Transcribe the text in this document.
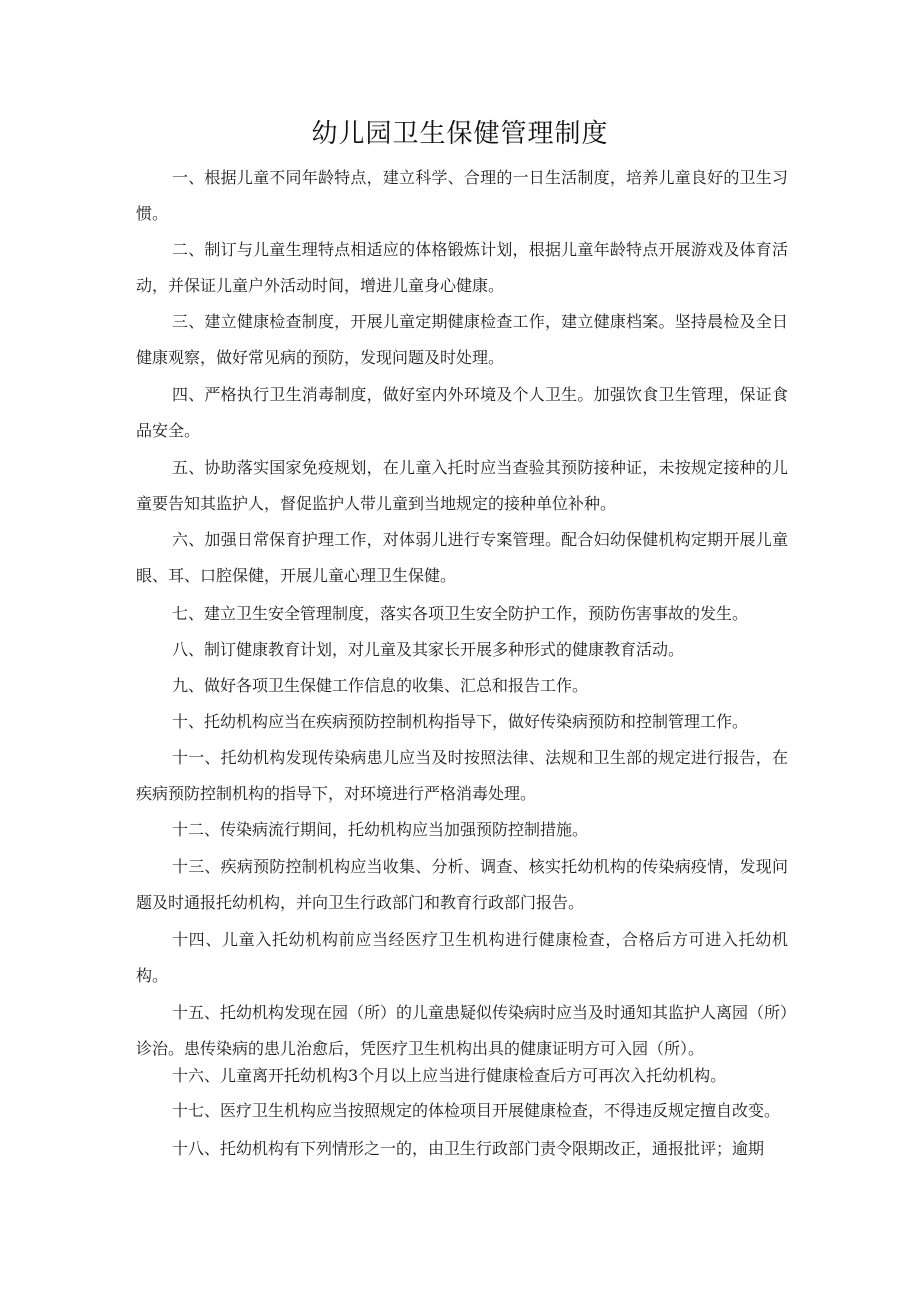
幼儿园卫生保健管理制度

一、根据儿童不同年龄特点，建立科学、合理的一日生活制度，培养儿童良好的卫生习惯。

二、制订与儿童生理特点相适应的体格锻炼计划，根据儿童年龄特点开展游戏及体育活动，并保证儿童户外活动时间，增进儿童身心健康。

三、建立健康检查制度，开展儿童定期健康检查工作，建立健康档案。坚持晨检及全日健康观察，做好常见病的预防，发现问题及时处理。

四、严格执行卫生消毒制度，做好室内外环境及个人卫生。加强饮食卫生管理，保证食品安全。

五、协助落实国家免疫规划，在儿童入托时应当查验其预防接种证，未按规定接种的儿童要告知其监护人，督促监护人带儿童到当地规定的接种单位补种。

六、加强日常保育护理工作，对体弱儿进行专案管理。配合妇幼保健机构定期开展儿童眼、耳、口腔保健，开展儿童心理卫生保健。

七、建立卫生安全管理制度，落实各项卫生安全防护工作，预防伤害事故的发生。

八、制订健康教育计划，对儿童及其家长开展多种形式的健康教育活动。

九、做好各项卫生保健工作信息的收集、汇总和报告工作。

十、托幼机构应当在疾病预防控制机构指导下，做好传染病预防和控制管理工作。

十一、托幼机构发现传染病患儿应当及时按照法律、法规和卫生部的规定进行报告，在疾病预防控制机构的指导下，对环境进行严格消毒处理。

十二、传染病流行期间，托幼机构应当加强预防控制措施。

十三、疾病预防控制机构应当收集、分析、调查、核实托幼机构的传染病疫情，发现问题及时通报托幼机构，并向卫生行政部门和教育行政部门报告。

十四、儿童入托幼机构前应当经医疗卫生机构进行健康检查，合格后方可进入托幼机构。

十五、托幼机构发现在园（所）的儿童患疑似传染病时应当及时通知其监护人离园（所）诊治。患传染病的患儿治愈后，凭医疗卫生机构出具的健康证明方可入园（所）。

十六、儿童离开托幼机构3个月以上应当进行健康检查后方可再次入托幼机构。

十七、医疗卫生机构应当按照规定的体检项目开展健康检查，不得违反规定擅自改变。

十八、托幼机构有下列情形之一的，由卫生行政部门责令限期改正，通报批评；逾期
